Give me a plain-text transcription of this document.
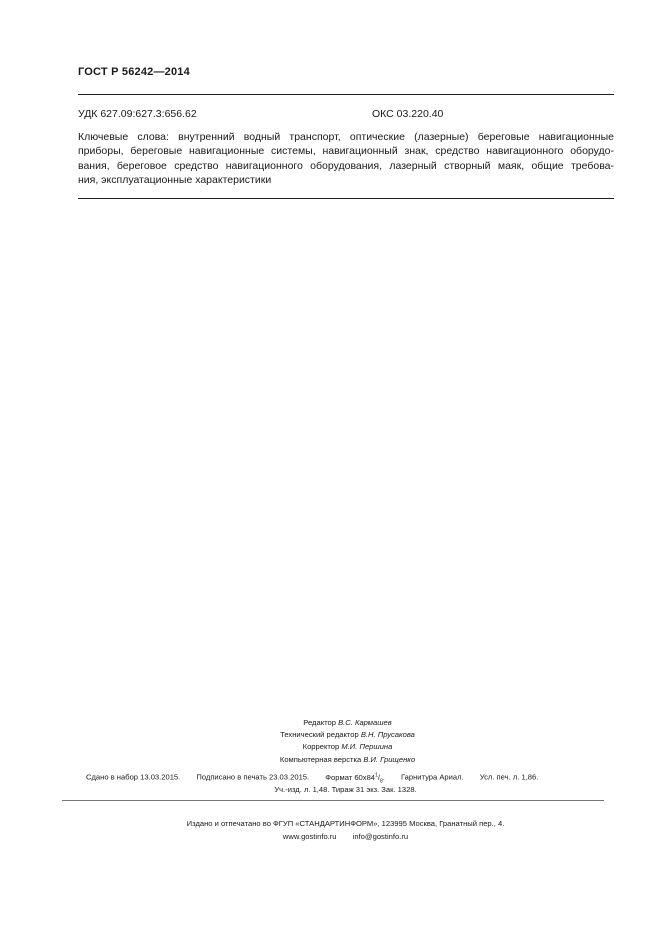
ГОСТ Р 56242—2014
УДК 627.09:627.3:656.62	ОКС 03.220.40
Ключевые слова: внутренний водный транспорт, оптические (лазерные) береговые навигационные
приборы, береговые навигационные системы, навигационный знак, средство навигационного оборудо-
вания, береговое средство навигационного оборудования, лазерный створный маяк, общие требова-
ния, эксплуатационные характеристики
Редактор В.С. Кармашев
Технический редактор В.Н. Прусакова
Корректор М.И. Першина
Компьютерная верстка В.И. Грищенко
Сдано в набор 13.03.2015. Подписано в печать 23.03.2015. Формат $60x84^1/_8$. Гарнитура Ариал. Усл. печ. л. 1,86.
Уч.-изд. л. 1,48. Тираж 31 экз. Зак. 1328.
Издано и отпечатано во ФГУП «СТАНДАРТИНФОРМ», 123995 Москва, Гранатный пер., 4.
www.gostinfo.ru info@gostinfo.ru
